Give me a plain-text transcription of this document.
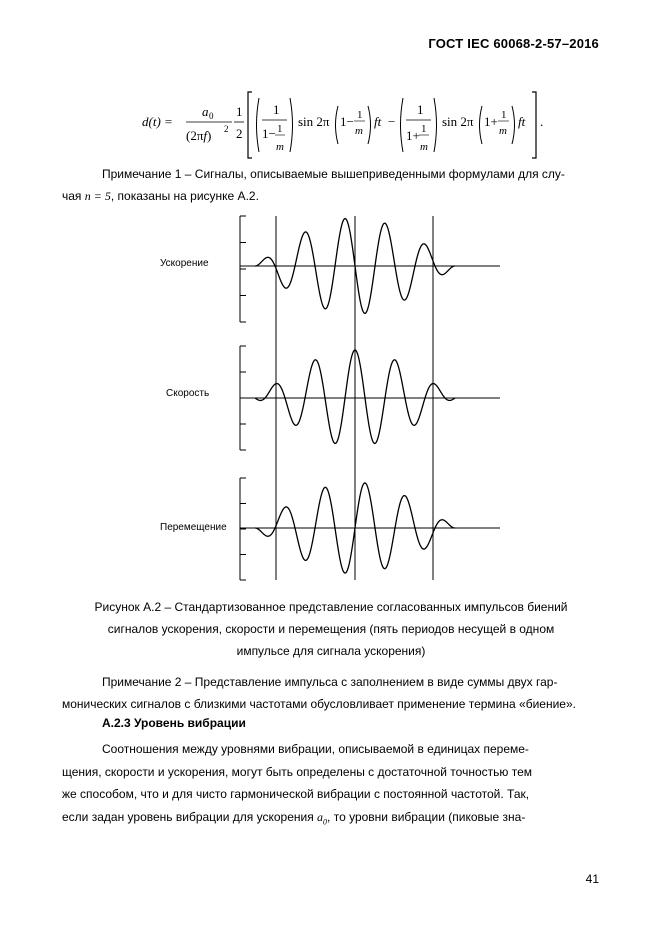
ГОСТ IEC 60068-2-57–2016
d(t) =
a 0
(2πf) 2
1
2
1
1− 1
m
sin 2π 1− 1
m
ft −
1
1+ 1
m
sin 2π 1+ 1
m
ft .
Примечание 1 – Сигналы, описываемые вышеприведенными формулами для слу-
чая n = 5, показаны на рисунке А.2.
Ускорение
Скорость
Перемещение
Рисунок А.2 – Стандартизованное представление согласованных импульсов биений
сигналов ускорения, скорости и перемещения (пять периодов несущей в одном
импульсе для сигнала ускорения)
Примечание 2 – Представление импульса с заполнением в виде суммы двух гар-
монических сигналов с близкими частотами обусловливает применение термина «биение».
А.2.3 Уровень вибрации
Соотношения между уровнями вибрации, описываемой в единицах переме-
щения, скорости и ускорения, могут быть определены с достаточной точностью тем
же способом, что и для чисто гармонической вибрации с постоянной частотой. Так,
если задан уровень вибрации для ускорения $a_0$, то уровни вибрации (пиковые зна-
41
